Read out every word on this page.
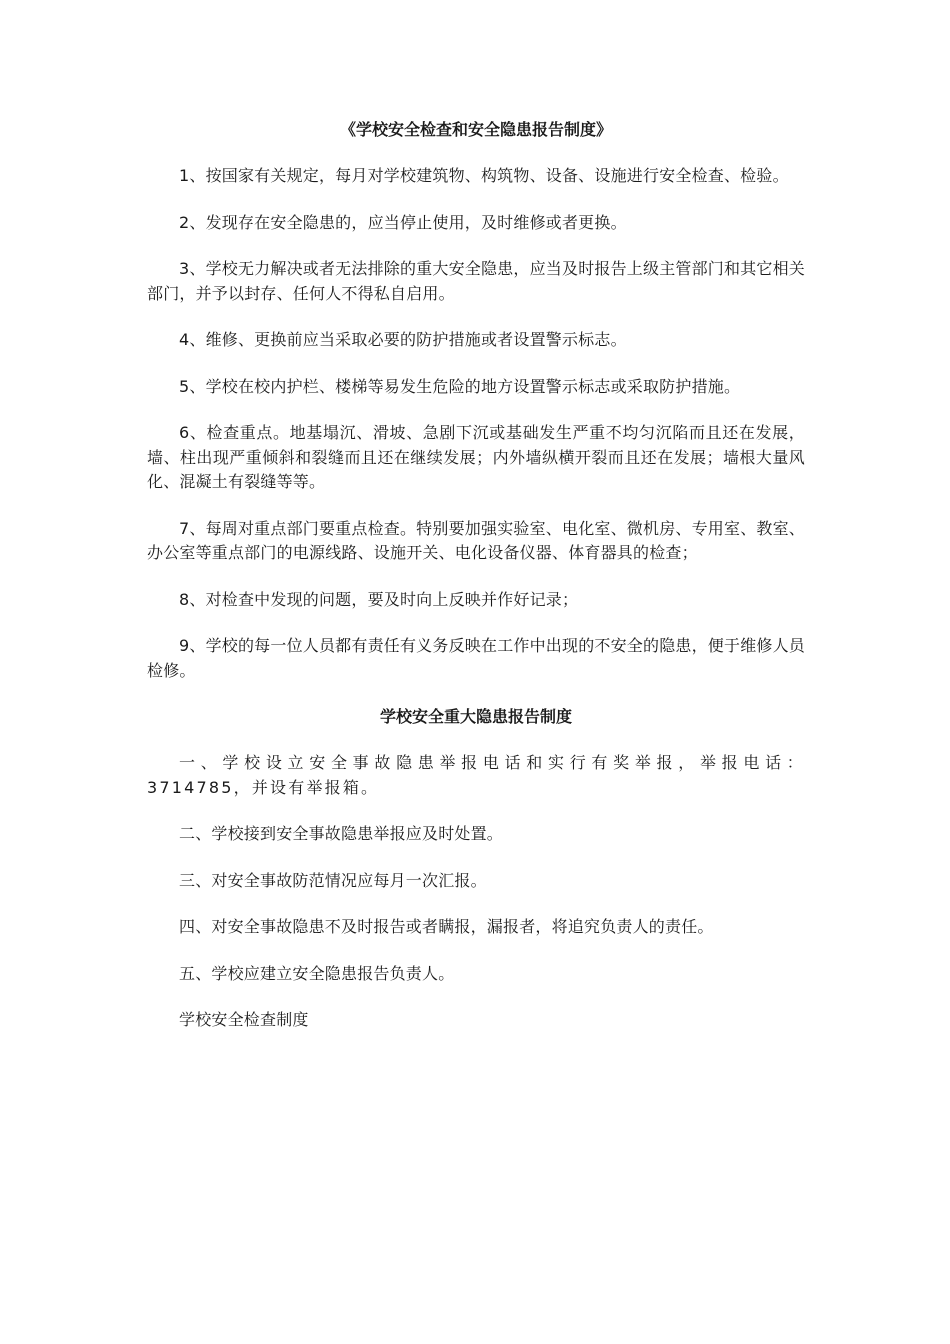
《学校安全检查和安全隐患报告制度》

1、按国家有关规定，每月对学校建筑物、构筑物、设备、设施进行安全检查、检验。

2、发现存在安全隐患的，应当停止使用，及时维修或者更换。

3、学校无力解决或者无法排除的重大安全隐患，应当及时报告上级主管部门和其它相关部门，并予以封存、任何人不得私自启用。

4、维修、更换前应当采取必要的防护措施或者设置警示标志。

5、学校在校内护栏、楼梯等易发生危险的地方设置警示标志或采取防护措施。

6、检查重点。地基塌沉、滑坡、急剧下沉或基础发生严重不均匀沉陷而且还在发展，墙、柱出现严重倾斜和裂缝而且还在继续发展；内外墙纵横开裂而且还在发展；墙根大量风化、混凝土有裂缝等等。

7、每周对重点部门要重点检查。特别要加强实验室、电化室、微机房、专用室、教室、办公室等重点部门的电源线路、设施开关、电化设备仪器、体育器具的检查；

8、对检查中发现的问题，要及时向上反映并作好记录；

9、学校的每一位人员都有责任有义务反映在工作中出现的不安全的隐患，便于维修人员检修。

学校安全重大隐患报告制度

一、学校设立安全事故隐患举报电话和实行有奖举报，举报电话：3714785，并设有举报箱。

二、学校接到安全事故隐患举报应及时处置。

三、对安全事故防范情况应每月一次汇报。

四、对安全事故隐患不及时报告或者瞒报，漏报者，将追究负责人的责任。

五、学校应建立安全隐患报告负责人。

学校安全检查制度
